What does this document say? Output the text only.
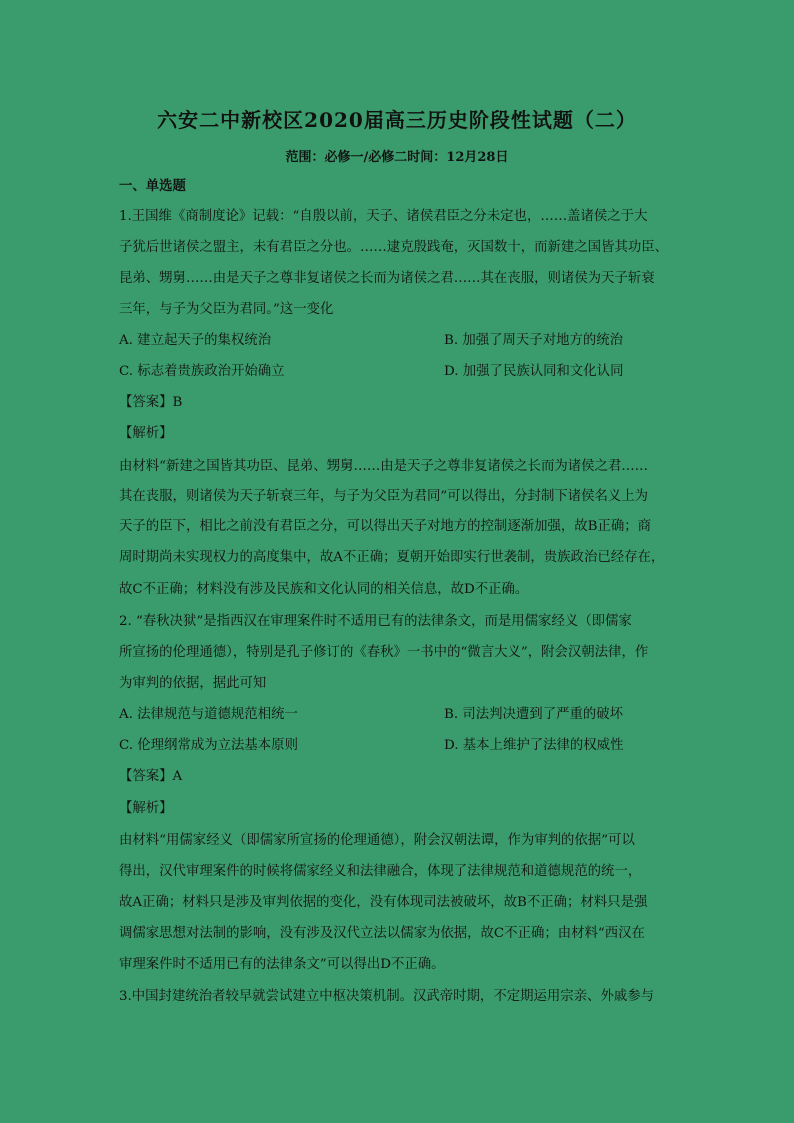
六安二中新校区2020届高三历史阶段性试题（二）
范围：必修一/必修二时间：12月28日
一、单选题
1.王国维《商制度论》记载：“自殷以前，天子、诸侯君臣之分未定也，……盖诸侯之于大
子犹后世诸侯之盟主，未有君臣之分也。……逮克殷践奄，灭国数十，而新建之国皆其功臣、
昆弟、甥舅……由是天子之尊非复诸侯之长而为诸侯之君……其在丧服，则诸侯为天子斩衰
三年，与子为父臣为君同。”这一变化
A. 建立起天子的集权统治	B. 加强了周天子对地方的统治
C. 标志着贵族政治开始确立	D. 加强了民族认同和文化认同
【答案】B
【解析】
由材料“新建之国皆其功臣、昆弟、甥舅……由是天子之尊非复诸侯之长而为诸侯之君……
其在丧服，则诸侯为天子斩衰三年，与子为父臣为君同”可以得出，分封制下诸侯名义上为
天子的臣下，相比之前没有君臣之分，可以得出天子对地方的控制逐渐加强，故B正确；商
周时期尚未实现权力的高度集中，故A不正确；夏朝开始即实行世袭制，贵族政治已经存在，
故C不正确；材料没有涉及民族和文化认同的相关信息，故D不正确。
2. “春秋决狱”是指西汉在审理案件时不适用已有的法律条文，而是用儒家经义（即儒家
所宣扬的伦理通德），特别是孔子修订的《春秋》一书中的“微言大义”，附会汉朝法律，作
为审判的依据，据此可知
A. 法律规范与道德规范相统一	B. 司法判决遭到了严重的破坏
C. 伦理纲常成为立法基本原则	D. 基本上维护了法律的权威性
【答案】A
【解析】
由材料“用儒家经义（即儒家所宣扬的伦理通德），附会汉朝法谭，作为审判的依据”可以
得出，汉代审理案件的时候将儒家经义和法律融合，体现了法律规范和道德规范的统一，
故A正确；材料只是涉及审判依据的变化，没有体现司法被破坏，故B不正确；材料只是强
调儒家思想对法制的影响，没有涉及汉代立法以儒家为依据，故C不正确；由材料“西汉在
审理案件时不适用已有的法律条文”可以得出D不正确。
3.中国封建统治者较早就尝试建立中枢决策机制。汉武帝时期，不定期运用宗亲、外戚参与
